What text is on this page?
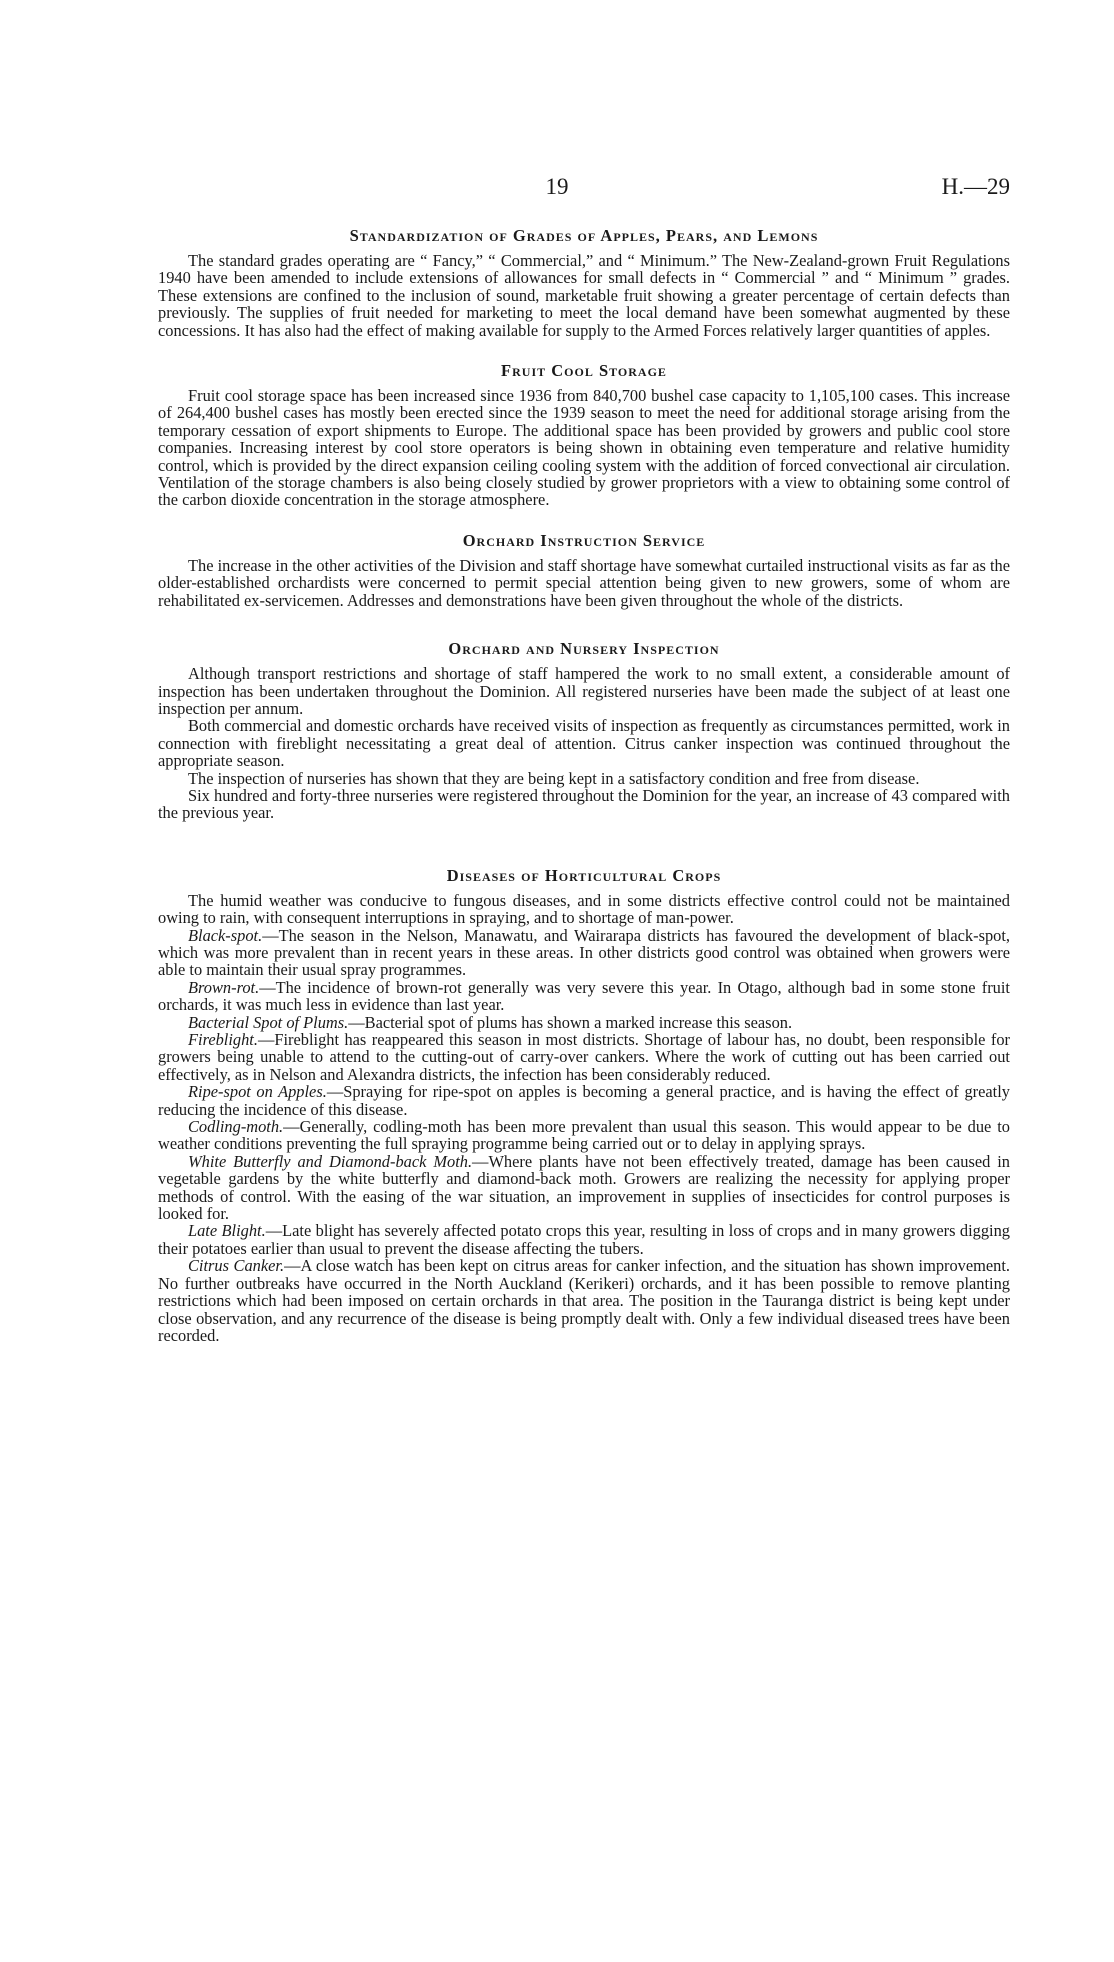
19	H.—29
Standardization of Grades of Apples, Pears, and Lemons

The standard grades operating are “ Fancy,” “ Commercial,” and “ Minimum.” The New-Zealand-grown Fruit Regulations 1940 have been amended to include extensions of allowances for small defects in “ Commercial ” and “ Minimum ” grades. These extensions are confined to the inclusion of sound, marketable fruit showing a greater percentage of certain defects than previously. The supplies of fruit needed for marketing to meet the local demand have been somewhat augmented by these concessions. It has also had the effect of making available for supply to the Armed Forces relatively larger quantities of apples.

Fruit Cool Storage

Fruit cool storage space has been increased since 1936 from 840,700 bushel case capacity to 1,105,100 cases. This increase of 264,400 bushel cases has mostly been erected since the 1939 season to meet the need for additional storage arising from the temporary cessation of export shipments to Europe. The additional space has been provided by growers and public cool store companies. Increasing interest by cool store operators is being shown in obtaining even temperature and relative humidity control, which is provided by the direct expansion ceiling cooling system with the addition of forced convectional air circulation. Ventilation of the storage chambers is also being closely studied by grower proprietors with a view to obtaining some control of the carbon dioxide concentration in the storage atmosphere.

Orchard Instruction Service

The increase in the other activities of the Division and staff shortage have somewhat curtailed instructional visits as far as the older-established orchardists were concerned to permit special attention being given to new growers, some of whom are rehabilitated ex-servicemen. Addresses and demonstrations have been given throughout the whole of the districts.

Orchard and Nursery Inspection

Although transport restrictions and shortage of staff hampered the work to no small extent, a considerable amount of inspection has been undertaken throughout the Dominion. All registered nurseries have been made the subject of at least one inspection per annum.

Both commercial and domestic orchards have received visits of inspection as frequently as circumstances permitted, work in connection with fireblight necessitating a great deal of attention. Citrus canker inspection was continued throughout the appropriate season.

The inspection of nurseries has shown that they are being kept in a satisfactory condition and free from disease.

Six hundred and forty-three nurseries were registered throughout the Dominion for the year, an increase of 43 compared with the previous year.

Diseases of Horticultural Crops

The humid weather was conducive to fungous diseases, and in some districts effective control could not be maintained owing to rain, with consequent interruptions in spraying, and to shortage of man-power.

Black-spot.—The season in the Nelson, Manawatu, and Wairarapa districts has favoured the development of black-spot, which was more prevalent than in recent years in these areas. In other districts good control was obtained when growers were able to maintain their usual spray programmes.

Brown-rot.—The incidence of brown-rot generally was very severe this year. In Otago, although bad in some stone fruit orchards, it was much less in evidence than last year.

Bacterial Spot of Plums.—Bacterial spot of plums has shown a marked increase this season.

Fireblight.—Fireblight has reappeared this season in most districts. Shortage of labour has, no doubt, been responsible for growers being unable to attend to the cutting-out of carry-over cankers. Where the work of cutting out has been carried out effectively, as in Nelson and Alexandra districts, the infection has been considerably reduced.

Ripe-spot on Apples.—Spraying for ripe-spot on apples is becoming a general practice, and is having the effect of greatly reducing the incidence of this disease.

Codling-moth.—Generally, codling-moth has been more prevalent than usual this season. This would appear to be due to weather conditions preventing the full spraying programme being carried out or to delay in applying sprays.

White Butterfly and Diamond-back Moth.—Where plants have not been effectively treated, damage has been caused in vegetable gardens by the white butterfly and diamond-back moth. Growers are realizing the necessity for applying proper methods of control. With the easing of the war situation, an improvement in supplies of insecticides for control purposes is looked for.

Late Blight.—Late blight has severely affected potato crops this year, resulting in loss of crops and in many growers digging their potatoes earlier than usual to prevent the disease affecting the tubers.

Citrus Canker.—A close watch has been kept on citrus areas for canker infection, and the situation has shown improvement. No further outbreaks have occurred in the North Auckland (Kerikeri) orchards, and it has been possible to remove planting restrictions which had been imposed on certain orchards in that area. The position in the Tauranga district is being kept under close observation, and any recurrence of the disease is being promptly dealt with. Only a few individual diseased trees have been recorded.
